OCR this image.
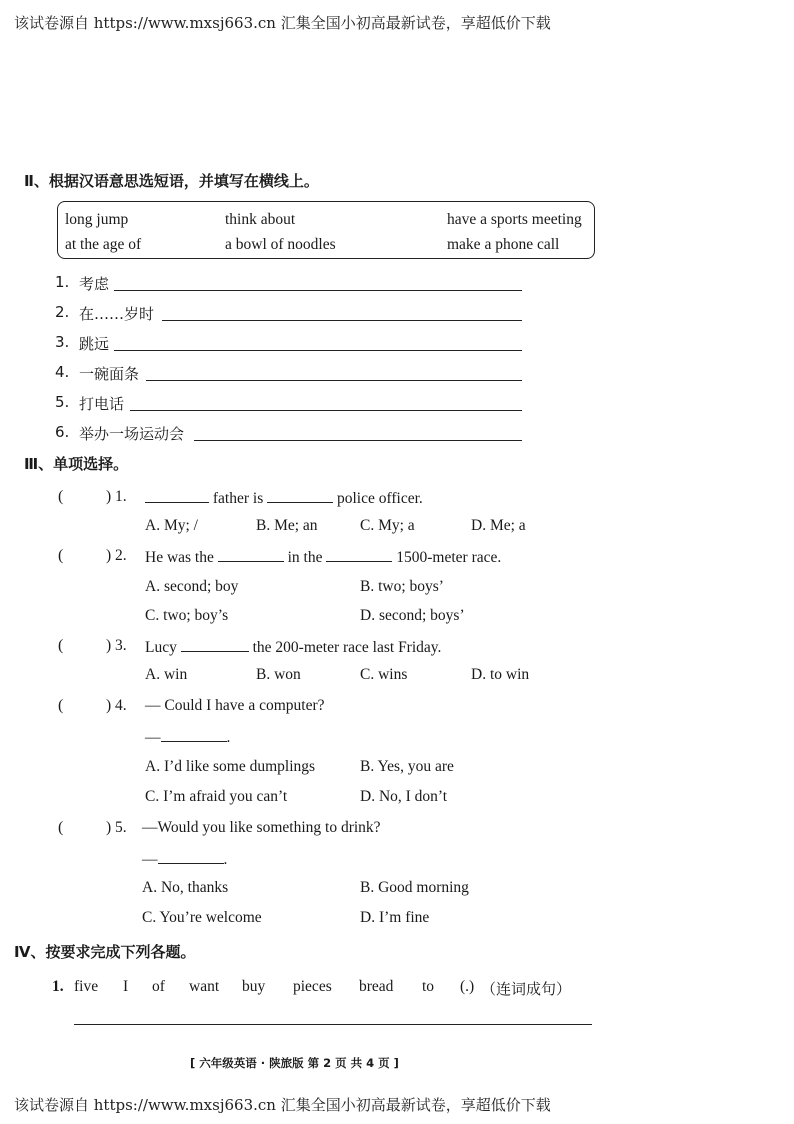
该试卷源自 https://www.mxsj663.cn 汇集全国小初高最新试卷，享超低价下载
该试卷源自 https://www.mxsj663.cn 汇集全国小初高最新试卷，享超低价下载
Ⅱ、根据汉语意思选短语，并填写在横线上。
long jump	think about	have a sports meeting
at the age of	a bowl of noodles	make a phone call
1. 考虑
2. 在……岁时
3. 跳远
4. 一碗面条
5. 打电话
6. 举办一场运动会
Ⅲ、单项选择。
(	) 1.	father is	police officer.
A. My; /	B. Me; an	C. My; a	D. Me; a
(	) 2. He was the	in the	1500-meter race.
A. second; boy	B. two; boys’
C. two; boy’s	D. second; boys’
(	) 3. Lucy	the 200-meter race last Friday.
A. win	B. won	C. wins	D. to win
(	) 4. — Could I have a computer?
—	.
A. I’d like some dumplings	B. Yes, you are
C. I’m afraid you can’t	D. No, I don’t
(	) 5. —Would you like something to drink?
—	.
A. No, thanks	B. Good morning
C. You’re welcome	D. I’m fine
Ⅳ、按要求完成下列各题。
1. five I of want buy pieces bread to (.) （连词成句）
[ 六年级英语 · 陕旅版 第 2 页 共 4 页 ]
